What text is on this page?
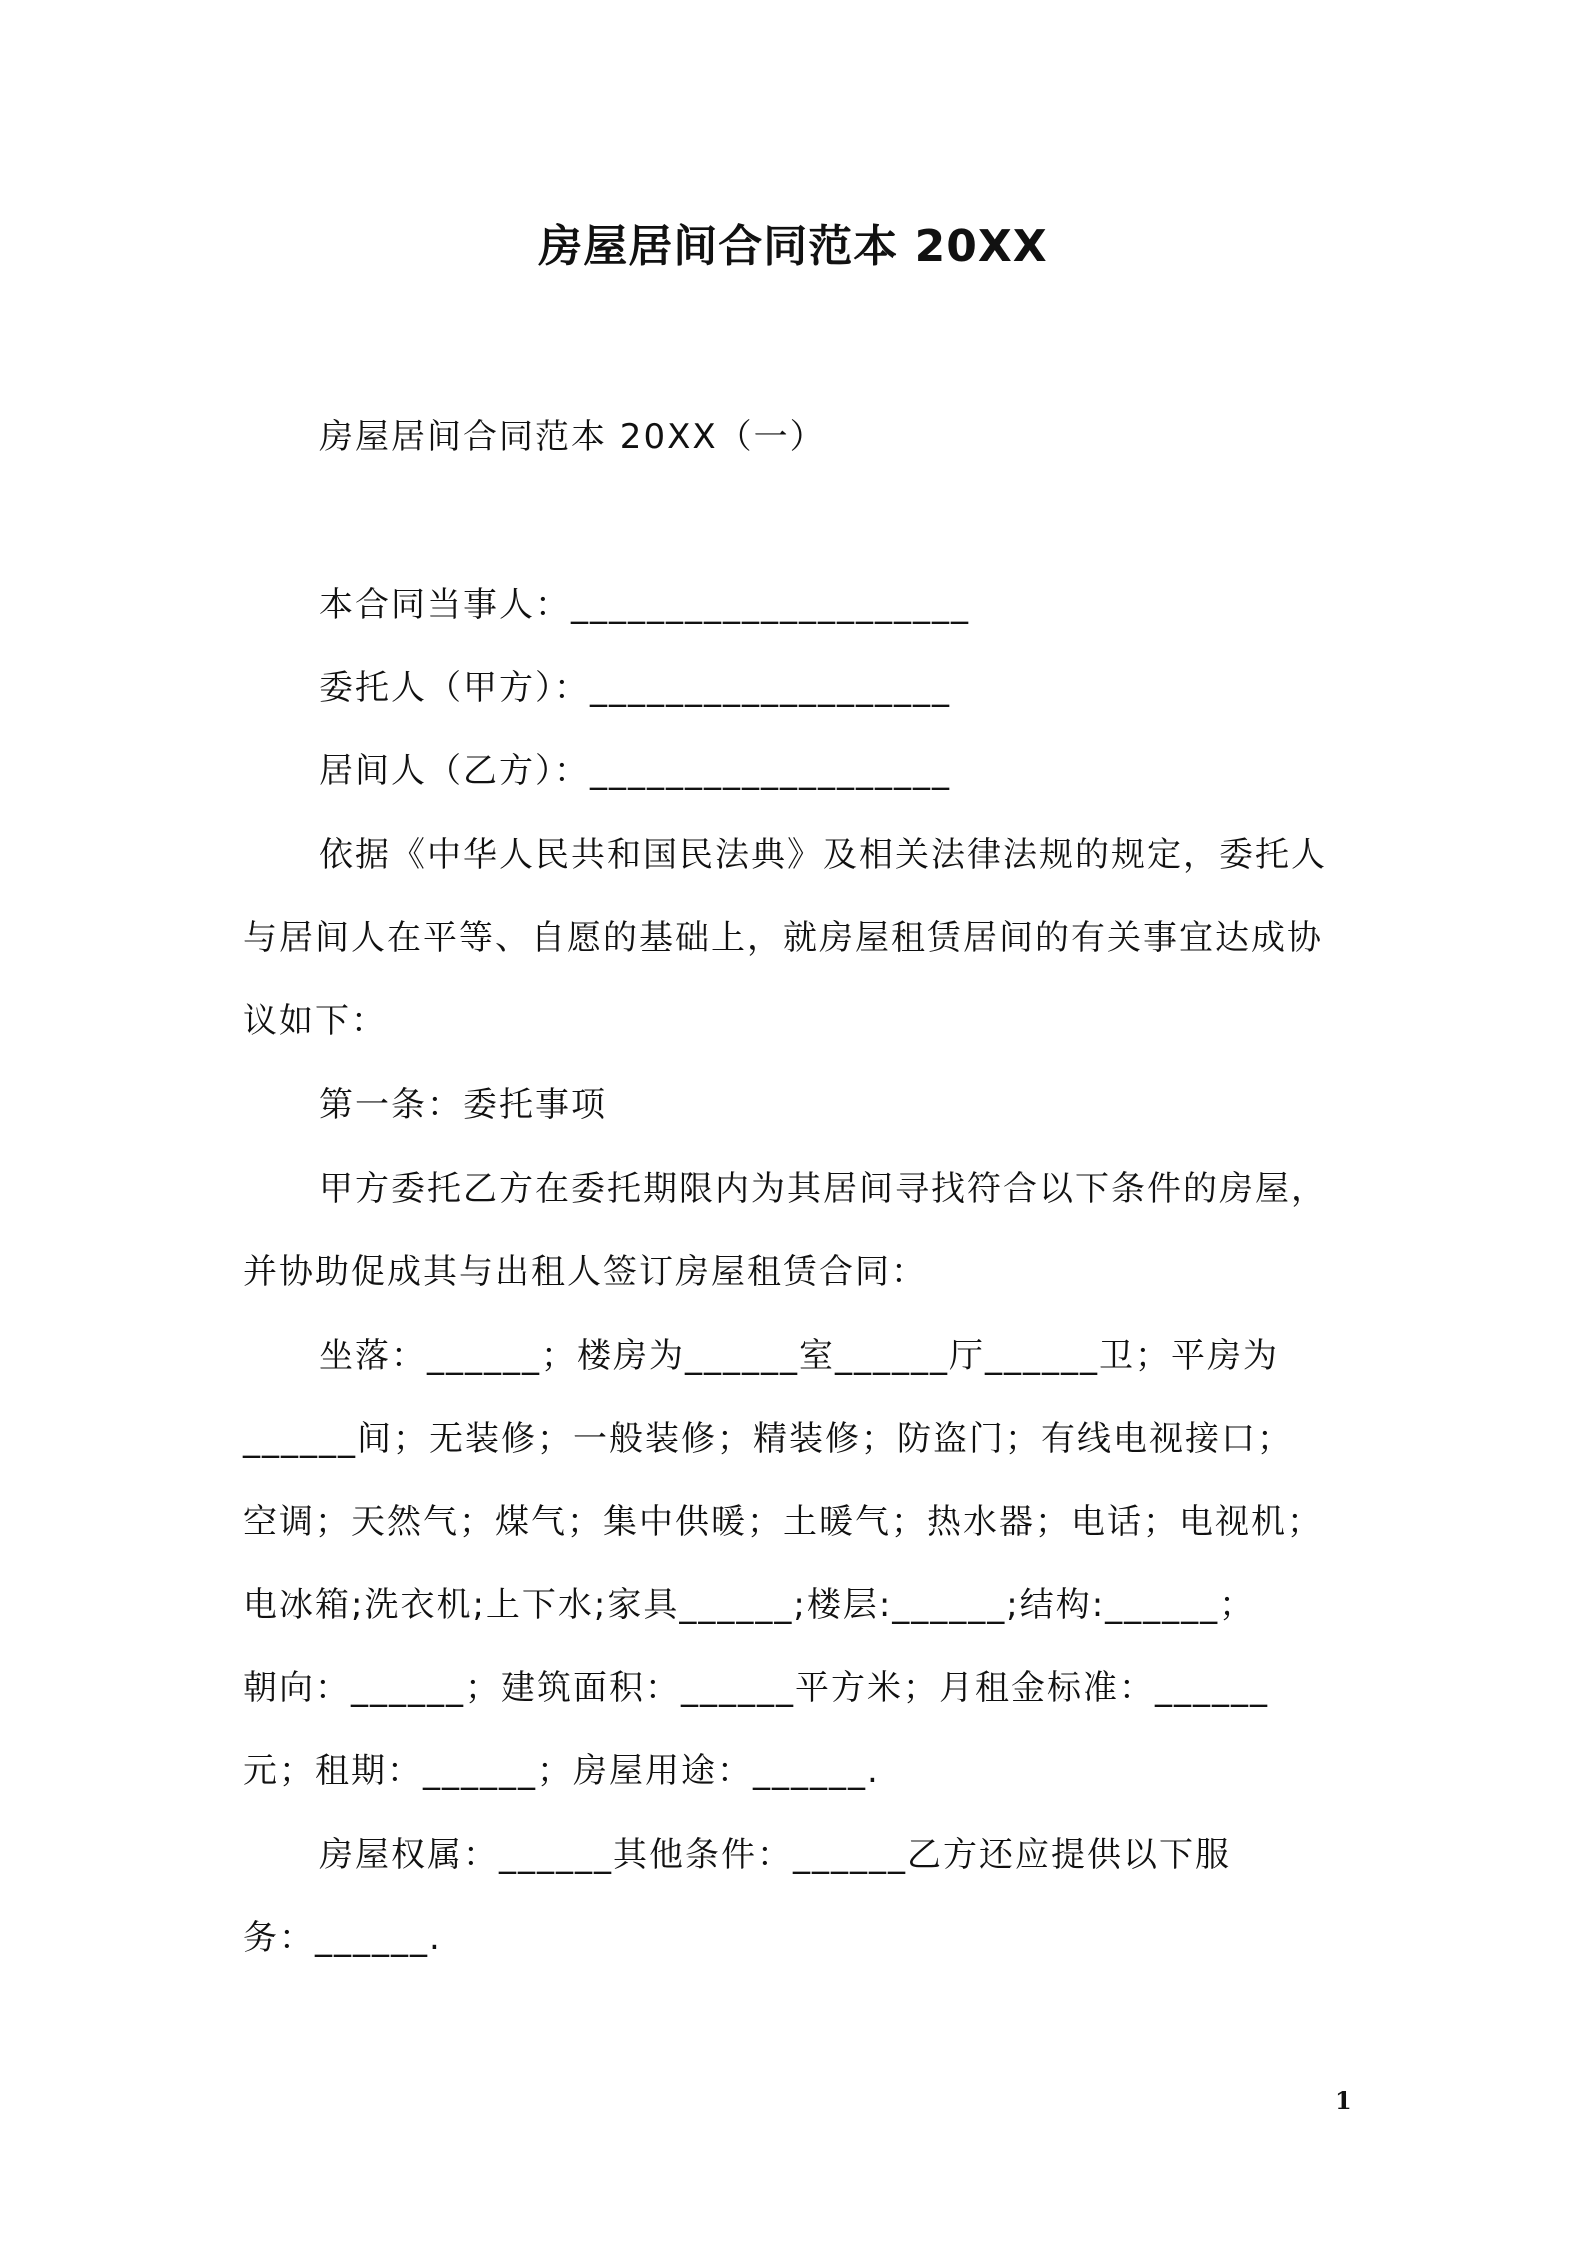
房屋居间合同范本 20XX
房屋居间合同范本 20XX（一）
本合同当事人：_____________________
委托人（甲方）：___________________
居间人（乙方）：___________________
依据《中华人民共和国民法典》及相关法律法规的规定，委托人
与居间人在平等、自愿的基础上，就房屋租赁居间的有关事宜达成协
议如下：
第一条：委托事项
甲方委托乙方在委托期限内为其居间寻找符合以下条件的房屋，
并协助促成其与出租人签订房屋租赁合同：
坐落：______；楼房为______室______厅______卫；平房为
______间；无装修；一般装修；精装修；防盗门；有线电视接口；
空调；天然气；煤气；集中供暖；土暖气；热水器；电话；电视机；
电冰箱;洗衣机;上下水;家具______;楼层:______;结构:______；
朝向：______；建筑面积：______平方米；月租金标准：______
元；租期：______；房屋用途：______.
房屋权属：______其他条件：______乙方还应提供以下服
务：______.
1
